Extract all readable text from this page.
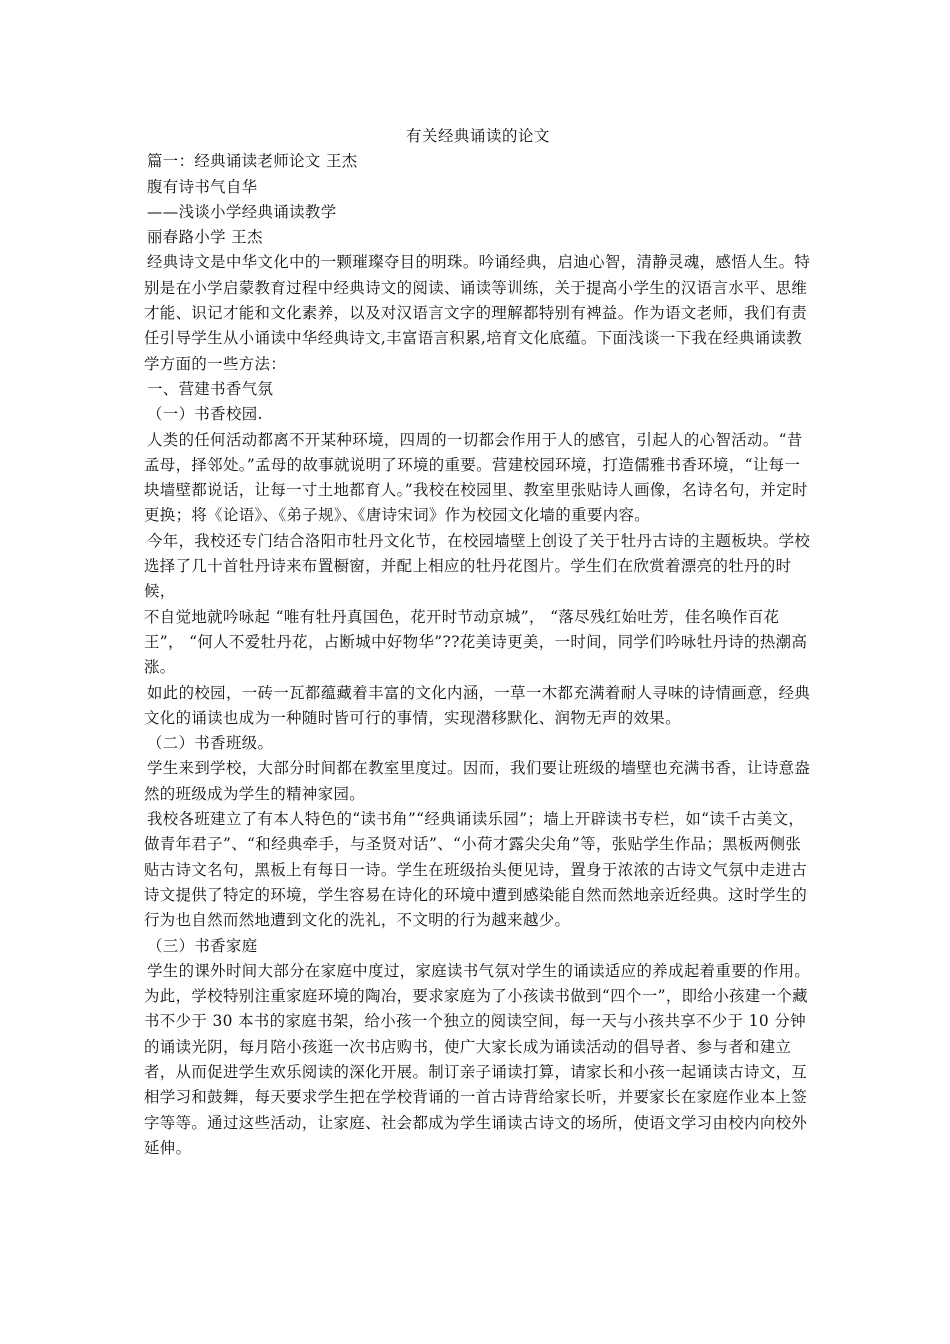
有关经典诵读的论文

篇一：经典诵读老师论文 王杰

腹有诗书气自华

——浅谈小学经典诵读教学

丽春路小学 王杰

经典诗文是中华文化中的一颗璀璨夺目的明珠。吟诵经典，启迪心智，清静灵魂，感悟人生。特别是在小学启蒙教育过程中经典诗文的阅读、诵读等训练，关于提高小学生的汉语言水平、思维才能、识记才能和文化素养，以及对汉语言文字的理解都特别有裨益。作为语文老师，我们有责任引导学生从小诵读中华经典诗文,丰富语言积累,培育文化底蕴。下面浅谈一下我在经典诵读教学方面的一些方法：

一、营建书香气氛

（一）书香校园.

人类的任何活动都离不开某种环境，四周的一切都会作用于人的感官，引起人的心智活动。“昔孟母，择邻处。”孟母的故事就说明了环境的重要。营建校园环境，打造儒雅书香环境，“让每一块墙壁都说话，让每一寸土地都育人。”我校在校园里、教室里张贴诗人画像，名诗名句，并定时更换；将《论语》、《弟子规》、《唐诗宋词》作为校园文化墙的重要内容。

今年，我校还专门结合洛阳市牡丹文化节，在校园墙壁上创设了关于牡丹古诗的主题板块。学校选择了几十首牡丹诗来布置橱窗，并配上相应的牡丹花图片。学生们在欣赏着漂亮的牡丹的时候，

不自觉地就吟咏起 “唯有牡丹真国色，花开时节动京城”， “落尽残红始吐芳，佳名唤作百花王”， “何人不爱牡丹花，占断城中好物华”??花美诗更美，一时间，同学们吟咏牡丹诗的热潮高涨。

如此的校园，一砖一瓦都蕴藏着丰富的文化内涵，一草一木都充满着耐人寻味的诗情画意，经典文化的诵读也成为一种随时皆可行的事情，实现潜移默化、润物无声的效果。

（二）书香班级。

学生来到学校，大部分时间都在教室里度过。因而，我们要让班级的墙壁也充满书香，让诗意盎然的班级成为学生的精神家园。

我校各班建立了有本人特色的“读书角”“经典诵读乐园”；墙上开辟读书专栏，如“读千古美文，做青年君子”、“和经典牵手，与圣贤对话”、“小荷才露尖尖角”等，张贴学生作品；黑板两侧张贴古诗文名句，黑板上有每日一诗。学生在班级抬头便见诗，置身于浓浓的古诗文气氛中走进古诗文提供了特定的环境，学生容易在诗化的环境中遭到感染能自然而然地亲近经典。这时学生的行为也自然而然地遭到文化的洗礼，不文明的行为越来越少。

（三）书香家庭

学生的课外时间大部分在家庭中度过，家庭读书气氛对学生的诵读适应的养成起着重要的作用。为此，学校特别注重家庭环境的陶冶，要求家庭为了小孩读书做到“四个一”，即给小孩建一个藏

书不少于 30 本书的家庭书架，给小孩一个独立的阅读空间，每一天与小孩共享不少于 10 分钟的诵读光阴，每月陪小孩逛一次书店购书，使广大家长成为诵读活动的倡导者、参与者和建立者，从而促进学生欢乐阅读的深化开展。制订亲子诵读打算，请家长和小孩一起诵读古诗文，互相学习和鼓舞，每天要求学生把在学校背诵的一首古诗背给家长听，并要家长在家庭作业本上签字等等。通过这些活动，让家庭、社会都成为学生诵读古诗文的场所，使语文学习由校内向校外延伸。
